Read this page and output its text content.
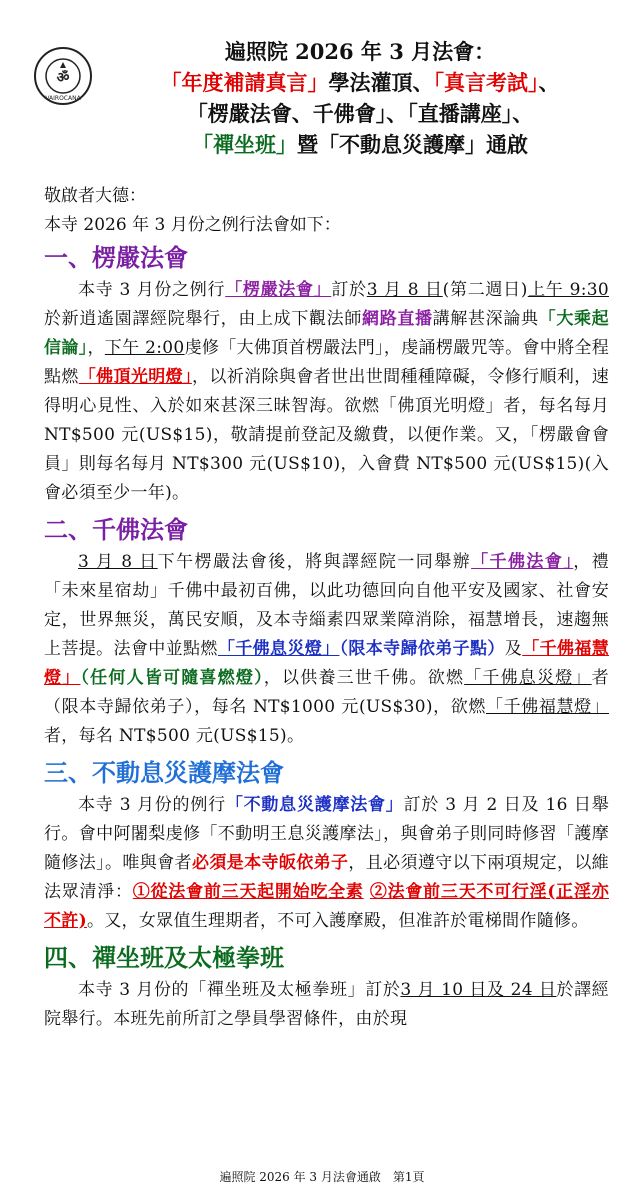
ॐ
VAIROCANA
遍照院 2026 年 3 月法會：
「年度補請真言」學法灌頂、「真言考試」、
「楞嚴法會、千佛會」、「直播講座」、
「禪坐班」暨「不動息災護摩」通啟
敬啟者大德：
本寺 2026 年 3 月份之例行法會如下：
一、楞嚴法會

本寺 3 月份之例行「楞嚴法會」訂於3 月 8 日(第二週日)上午 9:30於新逍遙園譯經院舉行，由上成下觀法師網路直播講解甚深論典「大乘起信論」，下午 2:00虔修「大佛頂首楞嚴法門」，虔誦楞嚴咒等。會中將全程點燃「佛頂光明燈」，以祈消除與會者世出世間種種障礙，令修行順利，速得明心見性、入於如來甚深三昧智海。欲燃「佛頂光明燈」者，每名每月 NT$500 元(US$15)，敬請提前登記及繳費，以便作業。又，「楞嚴會會員」則每名每月 NT$300 元(US$10)，入會費 NT$500 元(US$15)(入會必須至少一年)。

二、千佛法會

3 月 8 日下午楞嚴法會後，將與譯經院一同舉辦「千佛法會」，禮「未來星宿劫」千佛中最初百佛，以此功德回向自他平安及國家、社會安定，世界無災，萬民安順，及本寺緇素四眾業障消除，福慧增長，速趨無上菩提。法會中並點燃「千佛息災燈」（限本寺歸依弟子點）及「千佛福慧燈」（任何人皆可隨喜燃燈），以供養三世千佛。欲燃「千佛息災燈」者（限本寺歸依弟子），每名 NT$1000 元(US$30)，欲燃「千佛福慧燈」者，每名 NT$500 元(US$15)。

三、不動息災護摩法會

本寺 3 月份的例行「不動息災護摩法會」訂於 3 月 2 日及 16 日舉行。會中阿闍梨虔修「不動明王息災護摩法」，與會弟子則同時修習「護摩隨修法」。唯與會者必須是本寺皈依弟子，且必須遵守以下兩項規定，以維法眾清淨：①從法會前三天起開始吃全素 ②法會前三天不可行淫(正淫亦不許)。又，女眾值生理期者，不可入護摩殿，但准許於電梯間作隨修。

四、禪坐班及太極拳班

本寺 3 月份的「禪坐班及太極拳班」訂於3 月 10 日及 24 日於譯經院舉行。本班先前所訂之學員學習條件，由於現

遍照院 2026 年 3 月法會通啟　第1頁
